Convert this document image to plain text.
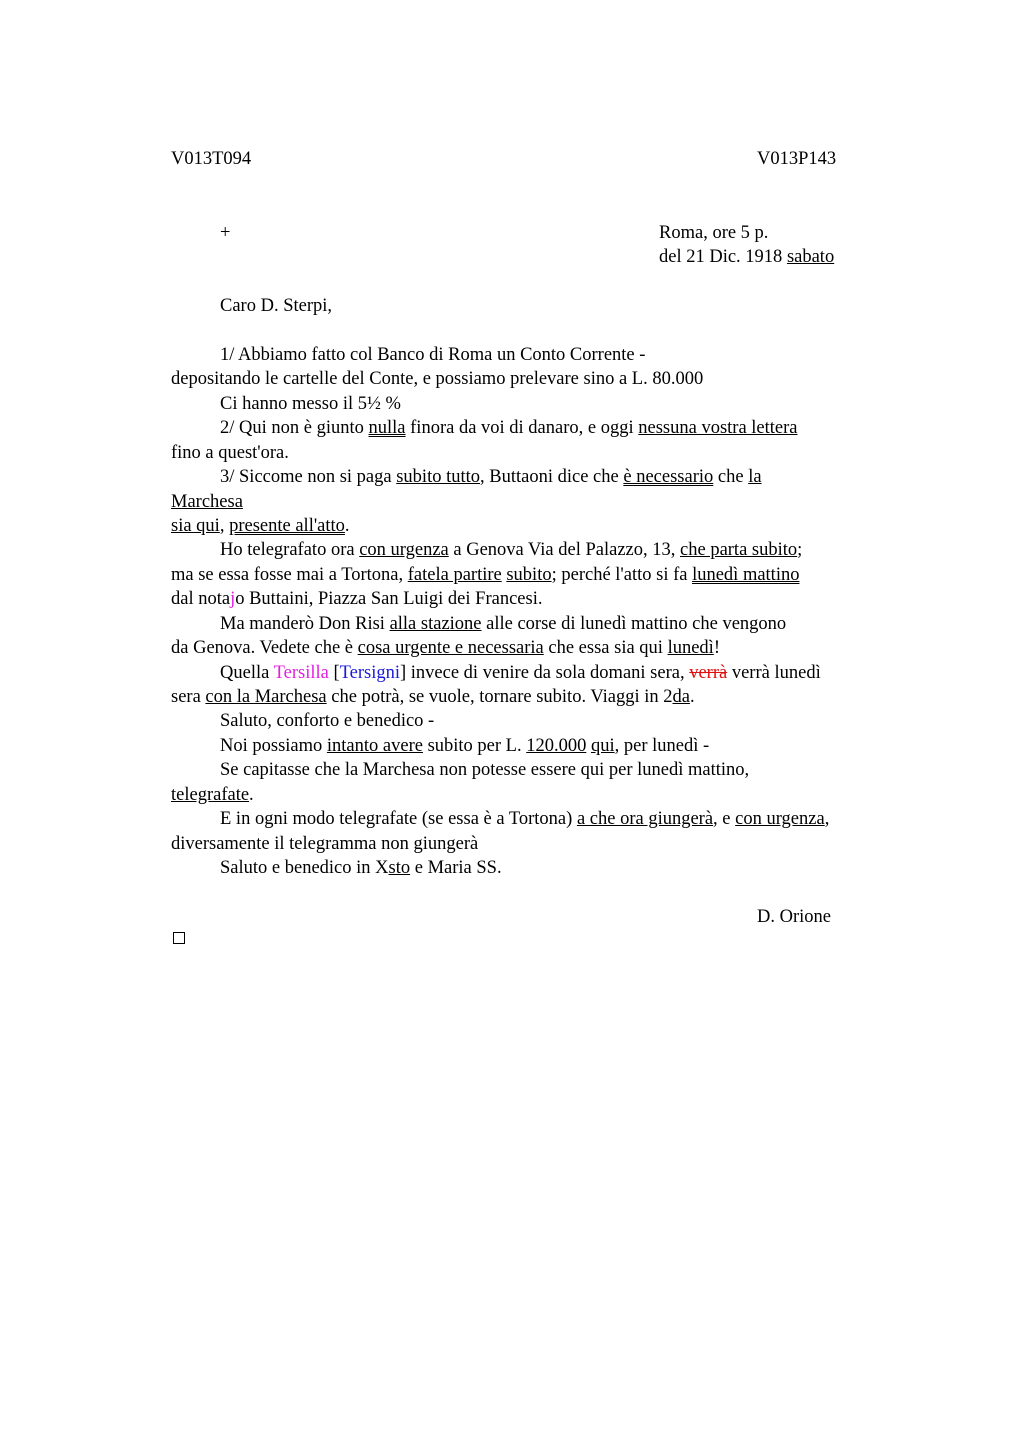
V013T094	V013P143
+	Roma, ore 5 p.
del 21 Dic. 1918 sabato
Caro D. Sterpi,
1/ Abbiamo fatto col Banco di Roma un Conto Corrente -
depositando le cartelle del Conte, e possiamo prelevare sino a L. 80.000
Ci hanno messo il 5½ %
2/ Qui non è giunto nulla finora da voi di danaro, e oggi nessuna vostra lettera
fino a quest'ora.
3/ Siccome non si paga subito tutto, Buttaoni dice che è necessario che la
Marchesa
sia qui, presente all'atto.
Ho telegrafato ora con urgenza a Genova Via del Palazzo, 13, che parta subito;
ma se essa fosse mai a Tortona, fatela partire subito; perché l'atto si fa lunedì mattino
dal notajo Buttaini, Piazza San Luigi dei Francesi.
Ma manderò Don Risi alla stazione alle corse di lunedì mattino che vengono
da Genova. Vedete che è cosa urgente e necessaria che essa sia qui lunedì!
Quella Tersilla [Tersigni] invece di venire da sola domani sera, verrà verrà lunedì
sera con la Marchesa che potrà, se vuole, tornare subito. Viaggi in 2da.
Saluto, conforto e benedico -
Noi possiamo intanto avere subito per L. 120.000 qui, per lunedì -
Se capitasse che la Marchesa non potesse essere qui per lunedì mattino,
telegrafate.
E in ogni modo telegrafate (se essa è a Tortona) a che ora giungerà, e con urgenza,
diversamente il telegramma non giungerà
Saluto e benedico in Xsto e Maria SS.
D. Orione
